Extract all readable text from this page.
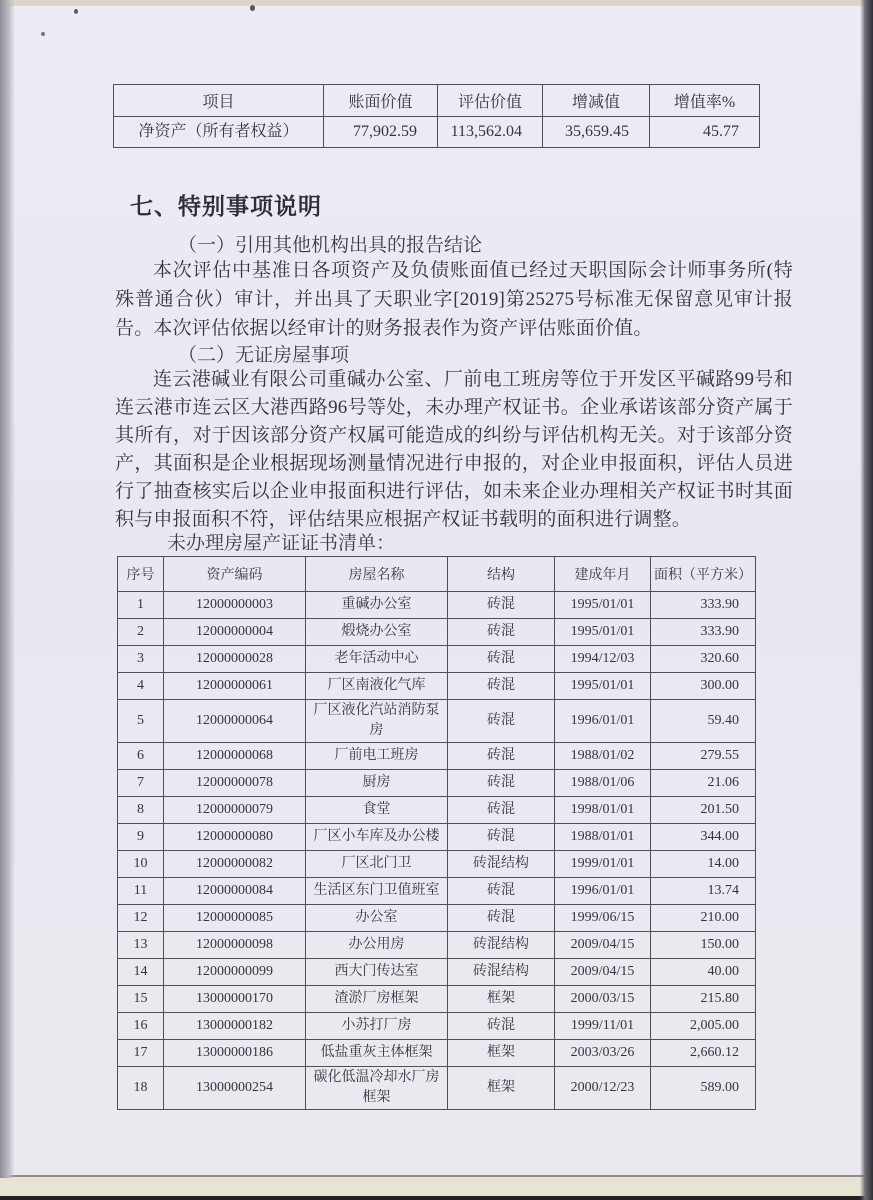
项目	账面价值	评估价值	增减值	增值率%
净资产（所有者权益）	77,902.59	113,562.04	35,659.45	45.77
七、特别事项说明
（一）引用其他机构出具的报告结论

本次评估中基准日各项资产及负债账面值已经过天职国际会计师事务所(特殊普通合伙）审计，并出具了天职业字[2019]第25275号标准无保留意见审计报告。本次评估依据以经审计的财务报表作为资产评估账面价值。

（二）无证房屋事项

连云港碱业有限公司重碱办公室、厂前电工班房等位于开发区平碱路99号和连云港市连云区大港西路96号等处，未办理产权证书。企业承诺该部分资产属于其所有，对于因该部分资产权属可能造成的纠纷与评估机构无关。对于该部分资产，其面积是企业根据现场测量情况进行申报的，对企业申报面积，评估人员进行了抽查核实后以企业申报面积进行评估，如未来企业办理相关产权证书时其面积与申报面积不符，评估结果应根据产权证书载明的面积进行调整。

未办理房屋产证证书清单：
序号	资产编码	房屋名称	结构	建成年月	面积（平方米）
1	12000000003	重碱办公室	砖混	1995/01/01	333.90
2	12000000004	煅烧办公室	砖混	1995/01/01	333.90
3	12000000028	老年活动中心	砖混	1994/12/03	320.60
4	12000000061	厂区南液化气库	砖混	1995/01/01	300.00
5	12000000064	厂区液化汽站消防泵房	砖混	1996/01/01	59.40
6	12000000068	厂前电工班房	砖混	1988/01/02	279.55
7	12000000078	厨房	砖混	1988/01/06	21.06
8	12000000079	食堂	砖混	1998/01/01	201.50
9	12000000080	厂区小车库及办公楼	砖混	1988/01/01	344.00
10	12000000082	厂区北门卫	砖混结构	1999/01/01	14.00
11	12000000084	生活区东门卫值班室	砖混	1996/01/01	13.74
12	12000000085	办公室	砖混	1999/06/15	210.00
13	12000000098	办公用房	砖混结构	2009/04/15	150.00
14	12000000099	西大门传达室	砖混结构	2009/04/15	40.00
15	13000000170	渣淤厂房框架	框架	2000/03/15	215.80
16	13000000182	小苏打厂房	砖混	1999/11/01	2,005.00
17	13000000186	低盐重灰主体框架	框架	2003/03/26	2,660.12
18	13000000254	碳化低温冷却水厂房框架	框架	2000/12/23	589.00
